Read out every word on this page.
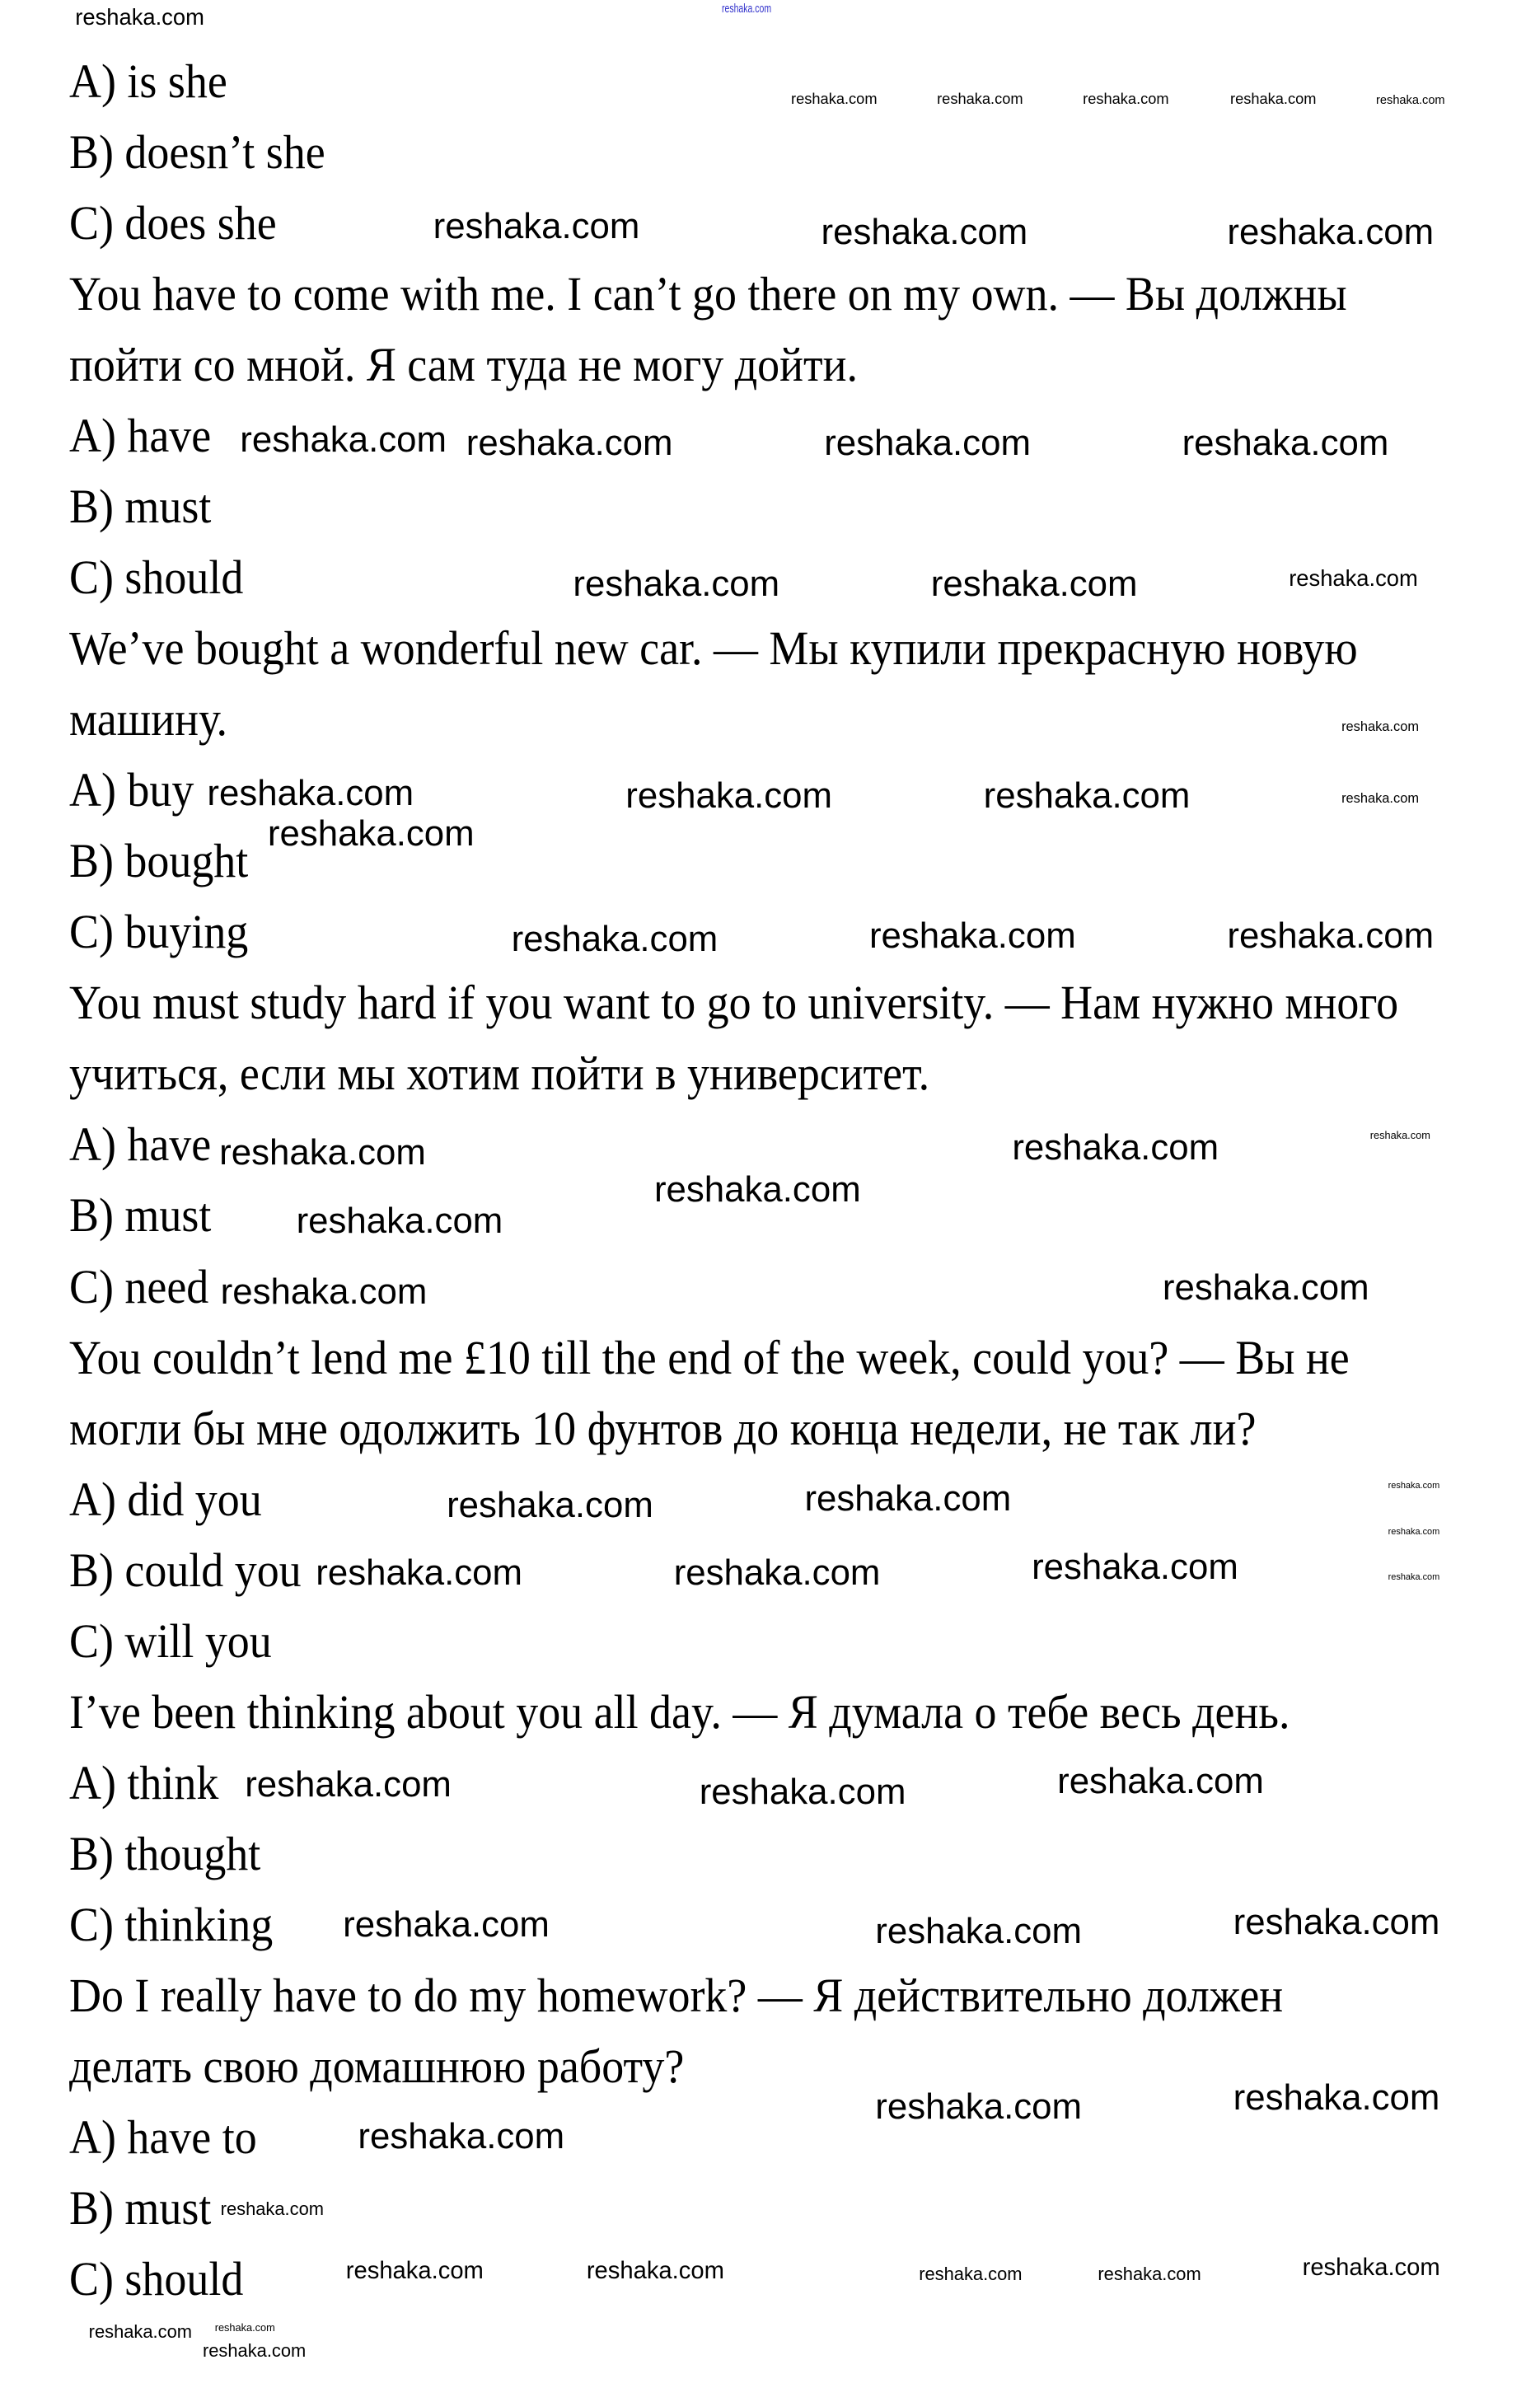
reshaka.com
A) is she
B) doesn’t she
C) does she
You have to come with me. I can’t go there on my own. — Вы должны
пойти со мной. Я сам туда не могу дойти.
A) have
B) must
C) should
We’ve bought a wonderful new car. — Мы купили прекрасную новую
машину.
A) buy
B) bought
C) buying
You must study hard if you want to go to university. — Нам нужно много
учиться, если мы хотим пойти в университет.
A) have
B) must
C) need
You couldn’t lend me £10 till the end of the week, could you? — Вы не
могли бы мне одолжить 10 фунтов до конца недели, не так ли?
A) did you
B) could you
C) will you
I’ve been thinking about you all day. — Я думала о тебе весь день.
A) think
B) thought
C) thinking
Do I really have to do my homework? — Я действительно должен
делать свою домашнюю работу?
A) have to
B) must
C) should
reshaka.com	reshaka.com	reshaka.com	reshaka.com	reshaka.com
reshaka.com
reshaka.com	reshaka.com	reshaka.com
reshaka.com reshaka.com	reshaka.com	reshaka.com
reshaka.com
reshaka.com	reshaka.com	reshaka.com
reshaka.com
reshaka.com
reshaka.com
reshaka.com	reshaka.com
reshaka.com	reshaka.com	reshaka.com
reshaka.com	reshaka.com
reshaka.com
reshaka.com
reshaka.com
reshaka.com
reshaka.com
reshaka.com	reshaka.com	reshaka.com
reshaka.com
reshaka.com
reshaka.com	reshaka.com	reshaka.com
reshaka.com	reshaka.com	reshaka.com
reshaka.com	reshaka.com	reshaka.com
reshaka.com
reshaka.com
reshaka.com
reshaka.com	reshaka.com
reshaka.com
reshaka.com
reshaka.com	reshaka.com	reshaka.com	reshaka.com	reshaka.com
